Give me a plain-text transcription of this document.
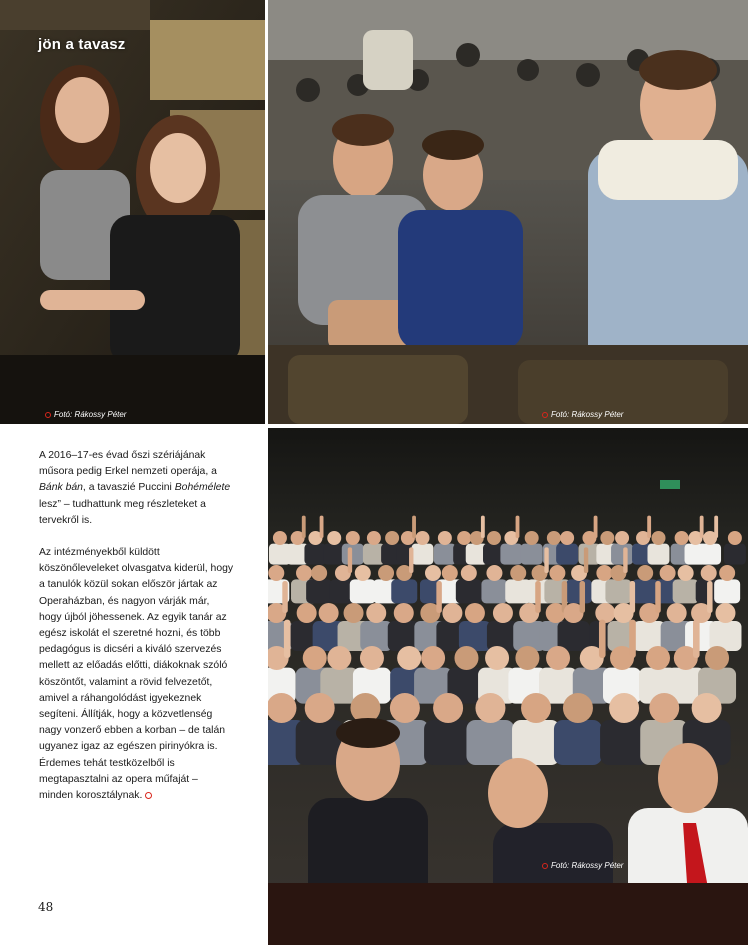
jön a tavasz
Fotó: Rákossy Péter	Fotó: Rákossy Péter

A 2016–17-es évad őszi szériájának műsora pedig Erkel nemzeti operája, a Bánk bán, a tavaszié Puccini Bohémélete lesz” – tudhattunk meg részleteket a tervekről is.

Az intézményekből küldött köszönőleveleket olvasgatva kiderül, hogy a tanulók közül sokan először jártak az Operaházban, és nagyon várják már, hogy újból jöhessenek. Az egyik tanár az egész iskolát el szeretné hozni, és több pedagógus is dicséri a kiváló szervezés mellett az előadás előtti, diákoknak szóló köszöntőt, valamint a rövid felvezetőt, amivel a ráhangolódást igyekeznek segíteni. Állítják, hogy a közvetlenség nagy vonzerő ebben a korban – de talán ugyanez igaz az egészen pirinyókra is. Érdemes tehát testközelből is megtapasztalni az opera műfaját – minden korosztálynak.

48
Fotó: Rákossy Péter
